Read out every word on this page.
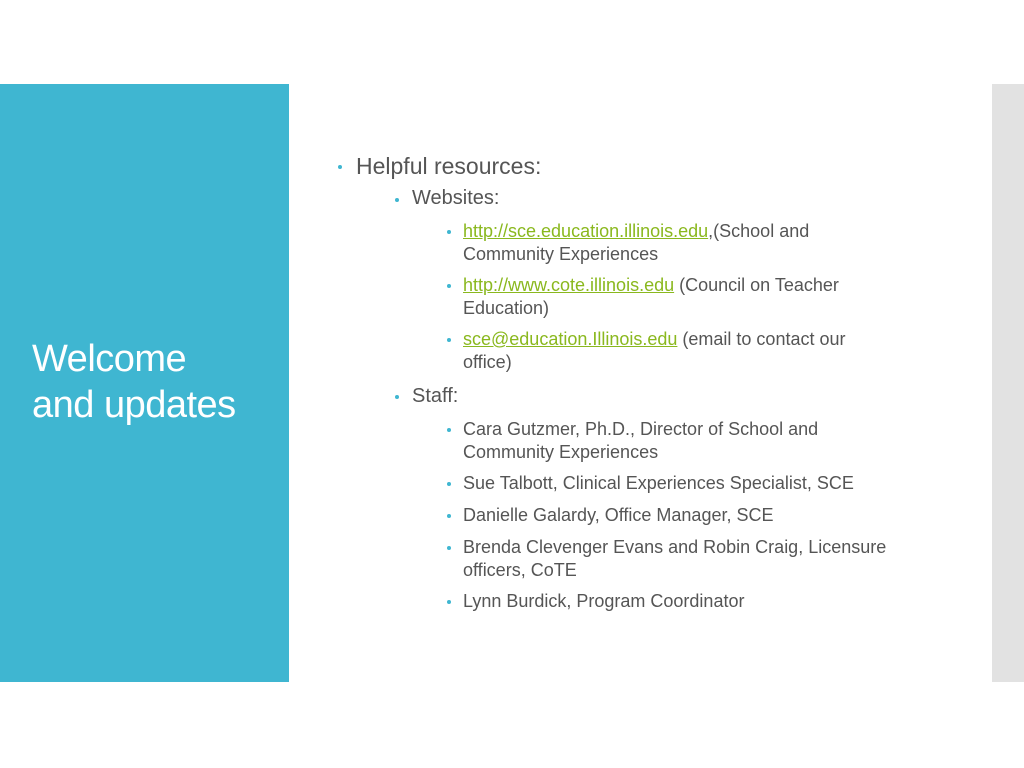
Welcome
and updates
Helpful resources:
Websites:
http://sce.education.illinois.edu,(School and
Community Experiences
http://www.cote.illinois.edu (Council on Teacher
Education)
sce@education.Illinois.edu (email to contact our
office)
Staff:
Cara Gutzmer, Ph.D., Director of School and
Community Experiences
Sue Talbott, Clinical Experiences Specialist, SCE
Danielle Galardy, Office Manager, SCE
Brenda Clevenger Evans and Robin Craig, Licensure
officers, CoTE
Lynn Burdick, Program Coordinator
